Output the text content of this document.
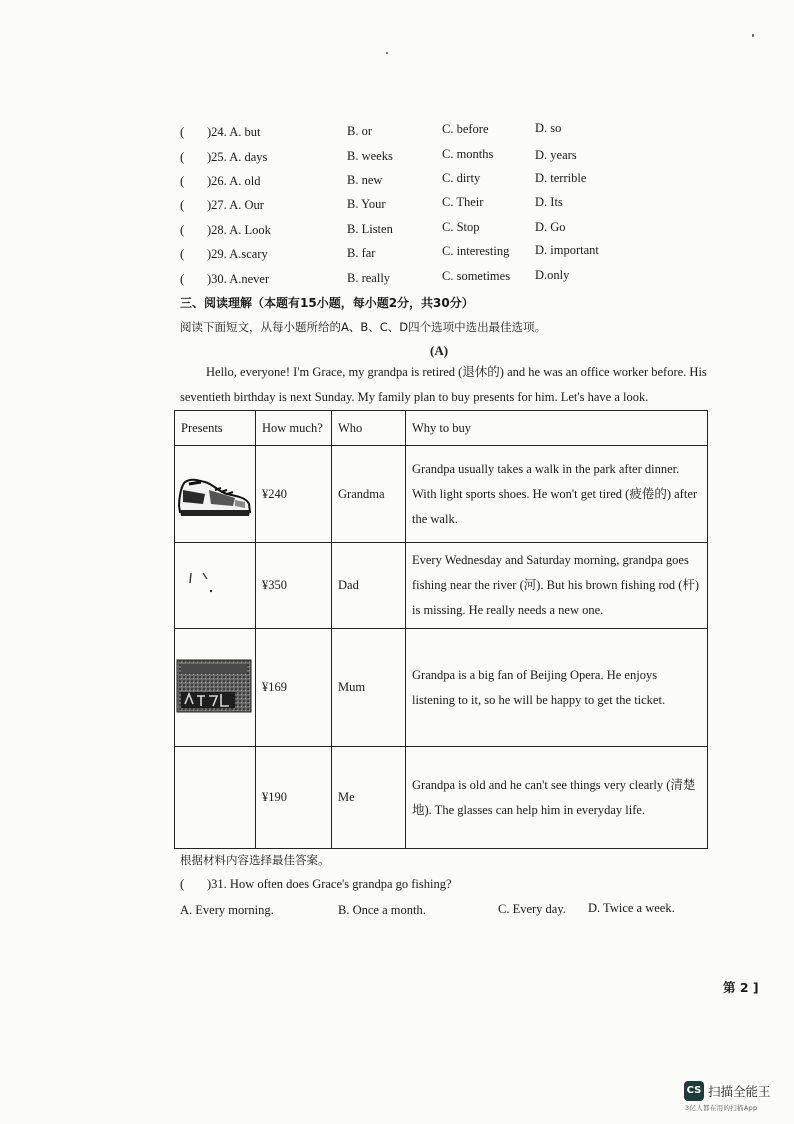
( )24. A. but	B. or	C. before	D. so
( )25. A. days	B. weeks	C. months	D. years
( )26. A. old	B. new	C. dirty	D. terrible
( )27. A. Our	B. Your	C. Their	D. Its
( )28. A. Look	B. Listen	C. Stop	D. Go
( )29. A.scary	B. far	C. interesting D. important
( )30. A.never	B. really	C. sometimes D.only
三、阅读理解（本题有15小题，每小题2分，共30分）
阅读下面短文，从每小题所给的A、B、C、D四个选项中选出最佳选项。
(A)
Hello, everyone! I'm Grace, my grandpa is retired (退休的) and he was an office worker before. His
seventieth birthday is next Sunday. My family plan to buy presents for him. Let's have a look.
Presents	How much?	Who	Why to buy
	¥240	Grandma	Grandpa usually takes a walk in the park after dinner. With light sports shoes. He won't get tired (疲倦的) after the walk.
	¥350	Dad	Every Wednesday and Saturday morning, grandpa goes fishing near the river (河). But his brown fishing rod (杆) is missing. He really needs a new one.
	¥169	Mum	Grandpa is a big fan of Beijing Opera. He enjoys listening to it, so he will be happy to get the ticket.
	¥190	Me	Grandpa is old and he can't see things very clearly (清楚地). The glasses can help him in everyday life.
根据材料内容选择最佳答案。
( )31. How often does Grace's grandpa go fishing?
A. Every morning.	B. Once a month.	C. Every day. D. Twice a week.
第 2 ]
CS 扫描全能王
3亿人都在用的扫描App
